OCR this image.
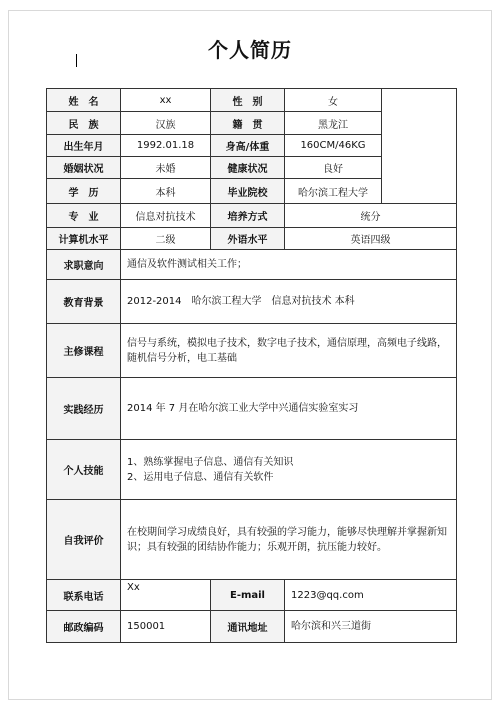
个人简历
姓　名	xx	性　别	女	
民　族	汉族	籍　贯	黑龙江	
出生年月	1992.01.18	身高/体重	160CM/46KG	
婚姻状况	未婚	健康状况	良好	
学　历	本科	毕业院校	哈尔滨工程大学	
专　业	信息对抗技术	培养方式	统分	
计算机水平	二级	外语水平	英语四级	
求职意向	通信及软件测试相关工作；			
教育背景	2012-2014　哈尔滨工程大学　信息对抗技术 本科			
主修课程	信号与系统，模拟电子技术，数字电子技术，通信原理，高频电子线路，随机信号分析，电工基础			
实践经历	2014 年 7 月在哈尔滨工业大学中兴通信实验室实习			
个人技能	1、熟练掌握电子信息、通信有关知识
2、运用电子信息、通信有关软件			

自我评价	在校期间学习成绩良好，具有较强的学习能力，能够尽快理解并掌握新知识；具有较强的团结协作能力；乐观开朗，抗压能力较好。			
联系电话	Xx	E-mail	1223@qq.com	
邮政编码	150001	通讯地址	哈尔滨和兴三道街	
